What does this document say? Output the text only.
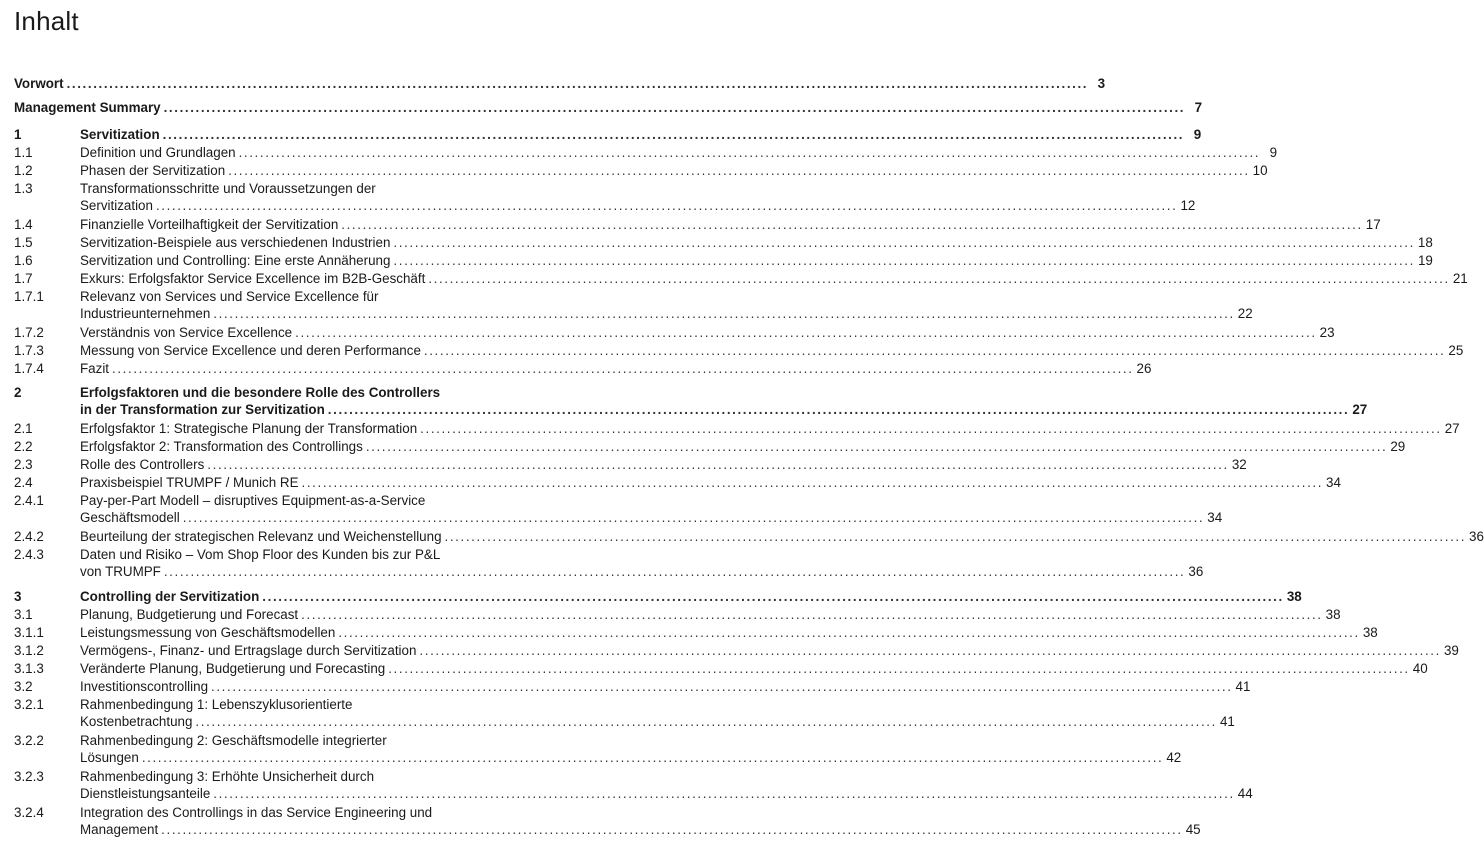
Inhalt
Vorwort .....	3
Management Summary .....	7
1	Servitization .....	9
1.1	Definition und Grundlagen .....	9
1.2	Phasen der Servitization .....	10
1.3	Transformationsschritte und Voraussetzungen der
Servitization .....	12
1.4	Finanzielle Vorteilhaftigkeit der Servitization .....	17
1.5	Servitization-Beispiele aus verschiedenen Industrien .....	18
1.6	Servitization und Controlling: Eine erste Annäherung .....	19
1.7	Exkurs: Erfolgsfaktor Service Excellence im B2B-Geschäft .....	21
1.7.1	Relevanz von Services und Service Excellence für
Industrieunternehmen .....	22
1.7.2	Verständnis von Service Excellence .....	23
1.7.3	Messung von Service Excellence und deren Performance .....	25
1.7.4	Fazit .....	26
2	Erfolgsfaktoren und die besondere Rolle des Controllers
in der Transformation zur Servitization .....	27
2.1	Erfolgsfaktor 1: Strategische Planung der Transformation .....	27
2.2	Erfolgsfaktor 2: Transformation des Controllings .....	29
2.3	Rolle des Controllers .....	32
2.4	Praxisbeispiel TRUMPF / Munich RE .....	34
2.4.1	Pay-per-Part Modell – disruptives Equipment-as-a-Service
Geschäftsmodell .....	34
2.4.2	Beurteilung der strategischen Relevanz und Weichenstellung .....	36
2.4.3	Daten und Risiko – Vom Shop Floor des Kunden bis zur P&L
von TRUMPF .....	36
3	Controlling der Servitization .....	38
3.1	Planung, Budgetierung und Forecast .....	38
3.1.1	Leistungsmessung von Geschäftsmodellen .....	38
3.1.2	Vermögens-, Finanz- und Ertragslage durch Servitization .....	39
3.1.3	Veränderte Planung, Budgetierung und Forecasting .....	40
3.2	Investitionscontrolling .....	41
3.2.1	Rahmenbedingung 1: Lebenszyklusorientierte
Kostenbetrachtung .....	41
3.2.2	Rahmenbedingung 2: Geschäftsmodelle integrierter
Lösungen .....	42
3.2.3	Rahmenbedingung 3: Erhöhte Unsicherheit durch
Dienstleistungsanteile .....	44
3.2.4	Integration des Controllings in das Service Engineering und
Management .....	45
